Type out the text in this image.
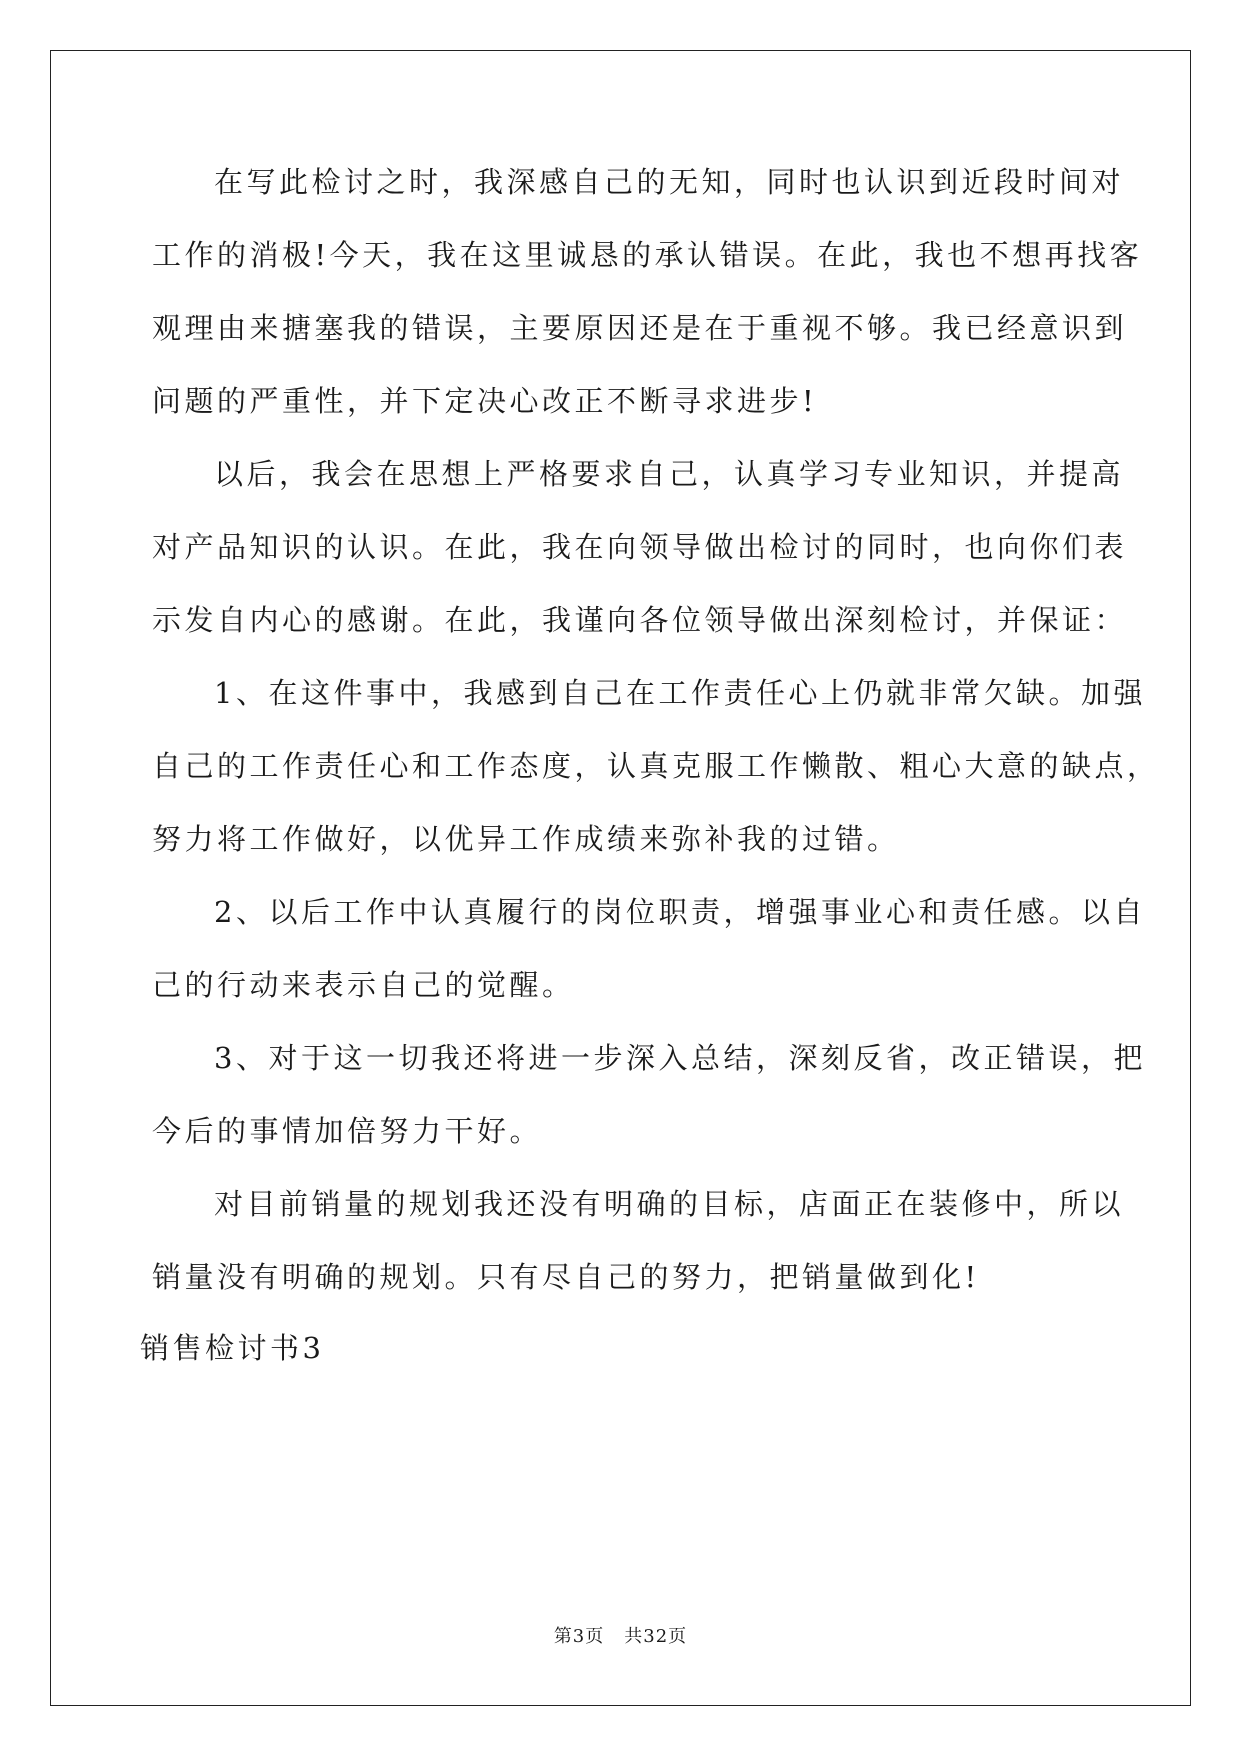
在写此检讨之时，我深感自己的无知，同时也认识到近段时间对
工作的消极!今天，我在这里诚恳的承认错误。在此，我也不想再找客
观理由来搪塞我的错误，主要原因还是在于重视不够。我已经意识到
问题的严重性，并下定决心改正不断寻求进步!
以后，我会在思想上严格要求自己，认真学习专业知识，并提高
对产品知识的认识。在此，我在向领导做出检讨的同时，也向你们表
示发自内心的感谢。在此，我谨向各位领导做出深刻检讨，并保证：
1、在这件事中，我感到自己在工作责任心上仍就非常欠缺。加强
自己的工作责任心和工作态度，认真克服工作懒散、粗心大意的缺点，
努力将工作做好，以优异工作成绩来弥补我的过错。
2、以后工作中认真履行的岗位职责，增强事业心和责任感。以自
己的行动来表示自己的觉醒。
3、对于这一切我还将进一步深入总结，深刻反省，改正错误，把
今后的事情加倍努力干好。
对目前销量的规划我还没有明确的目标，店面正在装修中，所以
销量没有明确的规划。只有尽自己的努力，把销量做到化!
销售检讨书3
第3页 共32页
